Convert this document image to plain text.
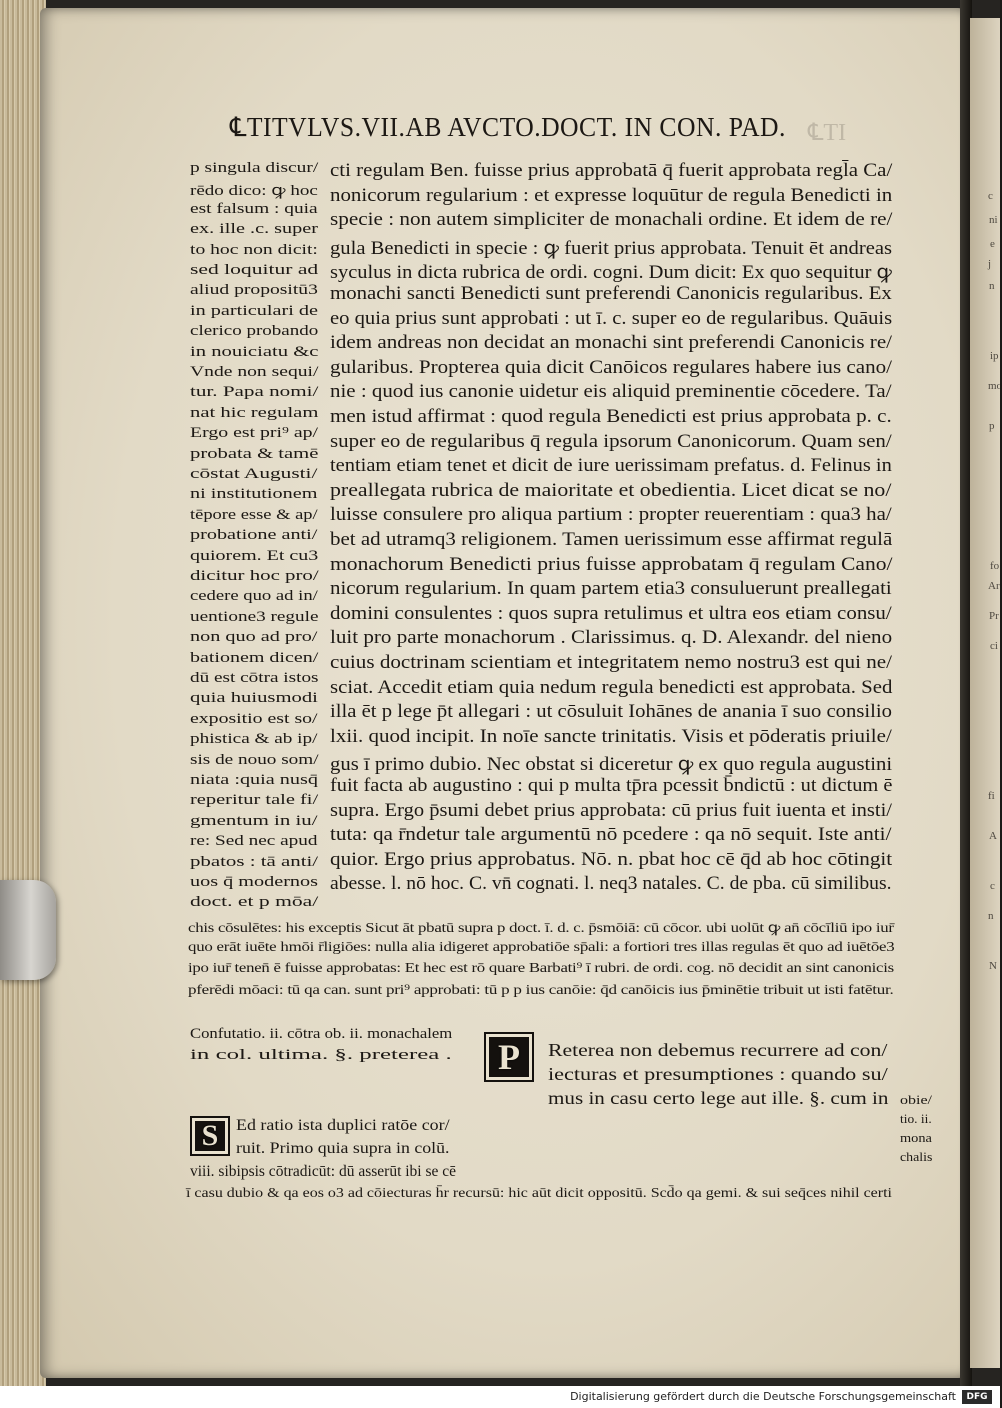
℄TITVLVS.VII.AB AVCTO.DOCT. IN CON. PAD. ℄TI
p singula discur/
rēdo dico: ꝙ hoc
est falsum : quia
ex. ille .c. super
to hoc non dicit:
sed loquitur ad
aliud propositū3
in particulari de
clerico probando
in nouiciatu &c
Vnde non sequi/
tur. Papa nomi/
nat hic regulam
Ergo est pri⁹ ap/
probata & tamē
cōstat Augusti/
ni institutionem
tēpore esse & ap/
probatione anti/
quiorem. Et cu3
dicitur hoc pro/
cedere quo ad in/
uentione3 regule
non quo ad pro/
bationem dicen/
dū est cōtra istos
quia huiusmodi
expositio est so/
phistica & ab ip/
sis de nouo som/
niata :quia nusq̄
reperitur tale fi/
gmentum in iu/
re: Sed nec apud
pbatos : tā anti/
uos q̄ modernos
doct. et p mōa/
cti regulam Ben. fuisse prius approbatā q̄ fuerit approbata regl̄a Ca/
nonicorum regularium : et expresse loquūtur de regula Benedicti in
specie : non autem simpliciter de monachali ordine. Et idem de re/
gula Benedicti in specie : ꝙ fuerit prius approbata. Tenuit ēt andreas
syculus in dicta rubrica de ordi. cogni. Dum dicit: Ex quo sequitur ꝙ
monachi sancti Benedicti sunt preferendi Canonicis regularibus. Ex
eo quia prius sunt approbati : ut ī. c. super eo de regularibus. Quāuis
idem andreas non decidat an monachi sint preferendi Canonicis re/
gularibus. Propterea quia dicit Canōicos regulares habere ius cano/
nie : quod ius canonie uidetur eis aliquid preminentie cōcedere. Ta/
men istud affirmat : quod regula Benedicti est prius approbata p. c.
super eo de regularibus q̄ regula ipsorum Canonicorum. Quam sen/
tentiam etiam tenet et dicit de iure uerissimam prefatus. d. Felinus in
preallegata rubrica de maioritate et obedientia. Licet dicat se no/
luisse consulere pro aliqua partium : propter reuerentiam : qua3 ha/
bet ad utramq3 religionem. Tamen uerissimum esse affirmat regulā
monachorum Benedicti prius fuisse approbatam q̄ regulam Cano/
nicorum regularium. In quam partem etia3 consuluerunt preallegati
domini consulentes : quos supra retulimus et ultra eos etiam consu/
luit pro parte monachorum . Clarissimus. q. D. Alexandr. del nieno
cuius doctrinam scientiam et integritatem nemo nostru3 est qui ne/
sciat. Accedit etiam quia nedum regula benedicti est approbata. Sed
illa ēt p lege p̄t allegari : ut cōsuluit Iohānes de anania ī suo consilio
lxii. quod incipit. In noīe sancte trinitatis. Visis et pōderatis priuile/
gus ī primo dubio. Nec obstat si diceretur ꝙ ex quo regula augustini
fuit facta ab augustino : qui p multa tp̄ra pcessit b̄ndictū : ut dictum ē
supra. Ergo p̄sumi debet prius approbata: cū prius fuit iuenta et insti/
tuta: qa r̄ndetur tale argumentū nō pcedere : qa nō sequit. Iste anti/
quior. Ergo prius approbatus. Nō. n. pbat hoc cē q̄d ab hoc cōtingit
abesse. l. nō hoc. C. vn̄ cognati. l. neq3 natales. C. de pba. cū similibus.
chis cōsulētes: his exceptis Sicut āt pbatū supra p doct. ī. d. c. p̄smōiā: cū cōcor. ubi uolūt ꝙ an̄ cōcīliū ipo iur̄
quo erāt iuēte hmōi r̄ligiōes: nulla alia idigeret approbatiōe sp̄ali: a fortiori tres illas regulas ēt quo ad iuētōe3
ipo iur̄ tenen̄ ē fuisse approbatas: Et hec est rō quare Barbati⁹ ī rubri. de ordi. cog. nō decidit an sint canonicis
pferēdi mōaci: tū qa can. sunt pri⁹ approbati: tū p p ius canōie: q̄d canōicis ius p̄minētie tribuit ut isti fatētur.
Confutatio. ii. cōtra ob. ii. monachalem
in col. ultima. §. preterea .
S
P
Ed ratio ista duplici ratōe cor/
ruit. Primo quia supra in colū.
viii. sibipsis cōtradicūt: dū asserūt ibi se cē
ī casu dubio & qa eos o3 ad cōiecturas h̄r recursū: hic aūt dicit oppositū. Scd̄o qa gemi. & sui seq̄ces nihil certi
Reterea non debemus recurrere ad con/
iecturas et presumptiones : quando su/
mus in casu certo lege aut ille. §. cum in obie/
tio. ii.
mona
chalis
c
ni
e
j
n
ip
mo
p
fo
Ar
Pr
ci
fi
A
c
n
N
Digitalisierung gefördert durch die Deutsche Forschungsgemeinschaft	DFG
